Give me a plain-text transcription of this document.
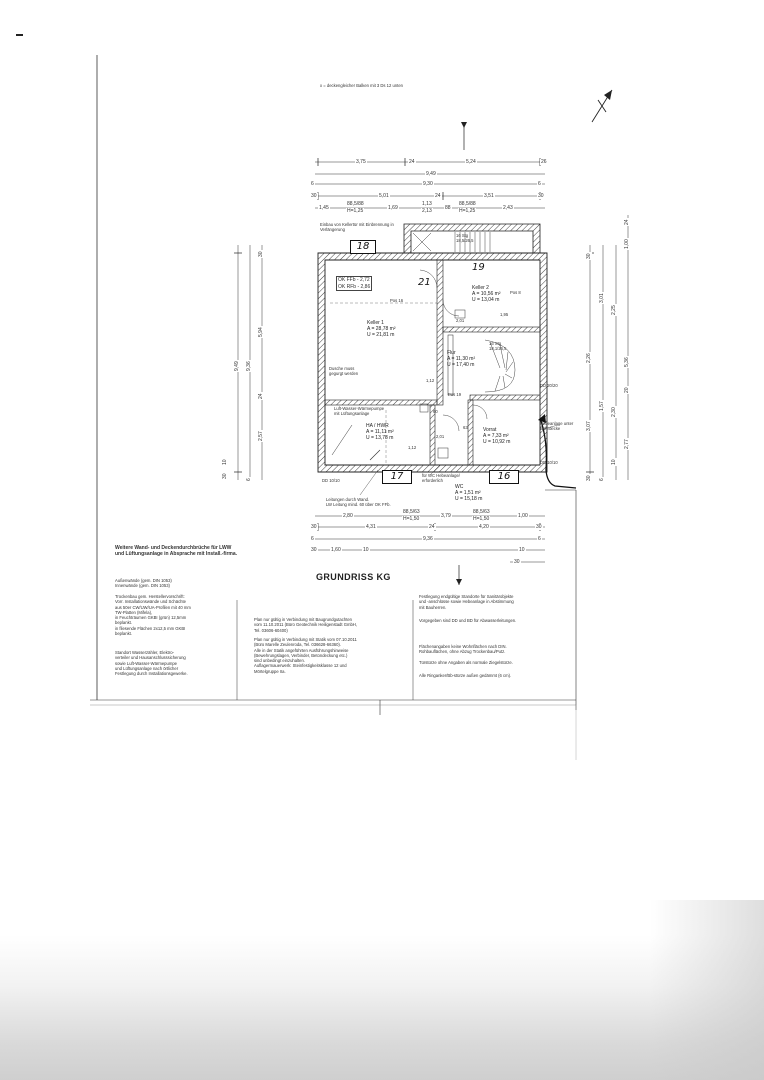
x = deckengleicher Balken mit 3 Ds 12 unten
3,75	24	5,24	26
9,49
6	9,30	6
30	5,01	24	3,51	30
1,45
88,5/88
1,69
1,13
88
88,5/88
2,43
H=1,25	2,13	H=1,25
Einbau von Kellertür mit Einbrennung in
Verlängerung
16 Stg
18,5/26,5
OK FFb - 2,72
OK RFb - 2,86
Pos 16
Pos 19
Pos 8
2,01
1,95
60
63
2,01
1,12
1,12
Dusche muss
gegurgt werden
16 Stg
18,1/26,5
Luft-Wasser-Wärmepumpe
mit Lüftungsanlage
DD 20/20
DD 10/10
DD 10/10
Hebeanlage unter
Rohrdecke
für WC Hebeanlage/
erforderlich
Leitungen durch Wand.
LW Leitung mind. 60 über OK FFb.
Keller 1
A = 28,78 m²
U = 21,81 m
Keller 2
A = 10,56 m²
U = 13,04 m
Flur
A = 11,30 m²
U = 17,40 m
HA / HWR
A = 11,11 m²
U = 13,78 m
Vorrat
A = 7,33 m²
U = 10,92 m
WC
A = 1,51 m²
U = 15,18 m
18
19
21
17	16
9,49 9,36
5,94
24
2,57
6
30
30
10
1,00
24
2,25
3,01
2,26
1,57
3,07
2,30
5,36
2,77
30
20
10
6
30
2,80
88,5/63
3,79
88,5/63
1,00
H=1,50	H=1,50
30	4,31	24	4,20	30
6	9,36	6
30	1,60	10	10
30
GRUNDRISS KG
Weitere Wand- und Deckendurchbrüche für LWW
und Lüftungsanlage in Absprache mit Install.-firma.
Außenwände (gem. DIN 1053)
Innenwände (gem. DIN 1053)
Trockenbau gem. Herstellervorschrift:
Vorr. Installationswände und Schächte
aus 50er CW/UW/UA-Profilen mit 40 mm
TW-Platten (Mifela),
in Feuchträumen GKBI (grün) 12,5mm
beplankt.
in fliesende Flächen 2x12,5 mm GKBI
beplankt.
Standort Wasserzähler, Elektro-
verteiler und Hausanschlusssicherung
sowie Luft-Wasser-Wärmepumpe
und Lüftungsanlage nach örtlicher
Festlegung durch Installationsgewerke.
Plan nur gültig in Verbindung mit Baugrundgutachten
vom 11.10.2011 (Büro Geotechnik Heiligenstadt GmbH,
Tel. 03606-60400)
Plan nur gültig in Verbindung mit Statik vom 07.10.2011
(Büro Marelle Zeulenroda, Tel. 036628-66360).
Alle in der Statik angeführten Ausführungshinweise
(Bewehrungslagen, Verbinder, Betondeckung etc.)
sind unbedingt einzuhalten.
Auflagermauerwerk: Steinfestigkeitsklasse 12 und
Mörtelgruppe IIa.
Festlegung endgültige Standorte für Sanitärobjekte
und -anschlüsse sowie Hebeanlage in Abstimmung
mit Bauherren.
Vorgegeben sind DD und BD für Abwasserleitungen.
Flächenangaben keine Wohnflächen nach DIN.
Rohbauflächen, ohne Abzug Trockenbau/Putz.
Türstürze ohne Angaben als normale Ziegelstürze.
Alle Ringanker/Bb-stürze außen gedämmt (6 cm).
